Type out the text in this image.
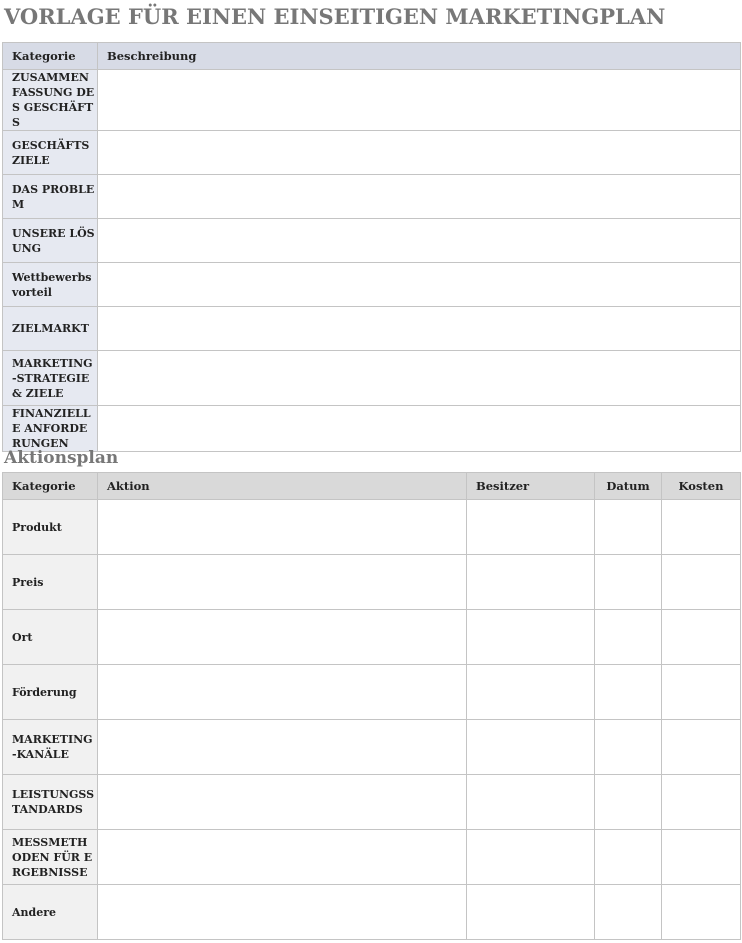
VORLAGE FÜR EINEN EINSEITIGEN MARKETINGPLAN
Kategorie	Beschreibung
ZUSAMMENFASSUNG DES GESCHÄFTS	
GESCHÄFTSZIELE	
DAS PROBLEM	
UNSERE LÖSUNG	
Wettbewerbsvorteil	
ZIELMARKT	
MARKETING-STRATEGIE & ZIELE	
FINANZIELLE ANFORDERUNGEN	
Aktionsplan
Kategorie	Aktion	Besitzer	Datum	Kosten
Produkt				
Preis				
Ort				
Förderung				
MARKETING-KANÄLE				
LEISTUNGSSTANDARDS				
MESSMETHODEN FÜR ERGEBNISSE				
Andere				
